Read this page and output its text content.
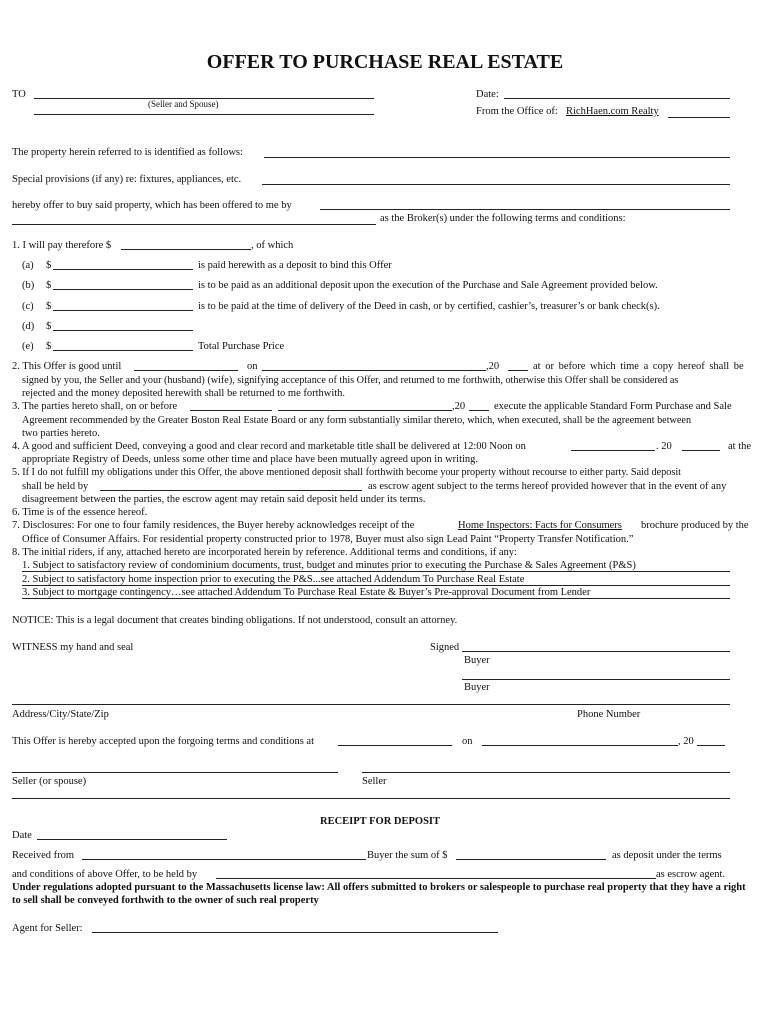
OFFER TO PURCHASE REAL ESTATE
TO
(Seller and Spouse)
Date:
From the Office of: RichHaen.com Realty
The property herein referred to is identified as follows:
Special provisions (if any) re: fixtures, appliances, etc.
hereby offer to buy said property, which has been offered to me by
as the Broker(s) under the following terms and conditions:
1. I will pay therefore $	, of which
(a) $	is paid herewith as a deposit to bind this Offer
(b) $	is to be paid as an additional deposit upon the execution of the Purchase and Sale Agreement provided below.
(c) $	is to be paid at the time of delivery of the Deed in cash, or by certified, cashier’s, treasurer’s or bank check(s).
(d) $
(e) $	Total Purchase Price
2. This Offer is good until	on	,20	at or before which time a copy hereof shall be
signed by you, the Seller and your (husband) (wife), signifying acceptance of this Offer, and returned to me forthwith, otherwise this Offer shall be considered as
rejected and the money deposited herewith shall be returned to me forthwith.
3. The parties hereto shall, on or before	,20	execute the applicable Standard Form Purchase and Sale
Agreement recommended by the Greater Boston Real Estate Board or any form substantially similar thereto, which, when executed, shall be the agreement between
two parties hereto.
4. A good and sufficient Deed, conveying a good and clear record and marketable title shall be delivered at 12:00 Noon on	. 20	at the
appropriate Registry of Deeds, unless some other time and place have been mutually agreed upon in writing.
5. If I do not fulfill my obligations under this Offer, the above mentioned deposit shall forthwith become your property without recourse to either party. Said deposit
shall be held by	as escrow agent subject to the terms hereof provided however that in the event of any
disagreement between the parties, the escrow agent may retain said deposit held under its terms.
6. Time is of the essence hereof.
7. Disclosures: For one to four family residences, the Buyer hereby acknowledges receipt of the	Home Inspectors: Facts for Consumers brochure produced by the
Office of Consumer Affairs. For residential property constructed prior to 1978, Buyer must also sign Lead Paint “Property Transfer Notification.”
8. The initial riders, if any, attached hereto are incorporated herein by reference. Additional terms and conditions, if any:
1. Subject to satisfactory review of condominium documents, trust, budget and minutes prior to executing the Purchase & Sales Agreement (P&S)
2. Subject to satisfactory home inspection prior to executing the P&S...see attached Addendum To Purchase Real Estate
3. Subject to mortgage contingency…see attached Addendum To Purchase Real Estate & Buyer’s Pre-approval Document from Lender
NOTICE: This is a legal document that creates binding obligations. If not understood, consult an attorney.
WITNESS my hand and seal	Signed
Buyer
Buyer
Address/City/State/Zip	Phone Number
This Offer is hereby accepted upon the forgoing terms and conditions at	on	, 20
Seller (or spouse)	Seller
RECEIPT FOR DEPOSIT
Date
Received from	Buyer the sum of $	as deposit under the terms
and conditions of above Offer, to be held by	as escrow agent.
Under regulations adopted pursuant to the Massachusetts license law: All offers submitted to brokers or salespeople to purchase real property that they have a right to sell shall be conveyed forthwith to the owner of such real property
Agent for Seller:
